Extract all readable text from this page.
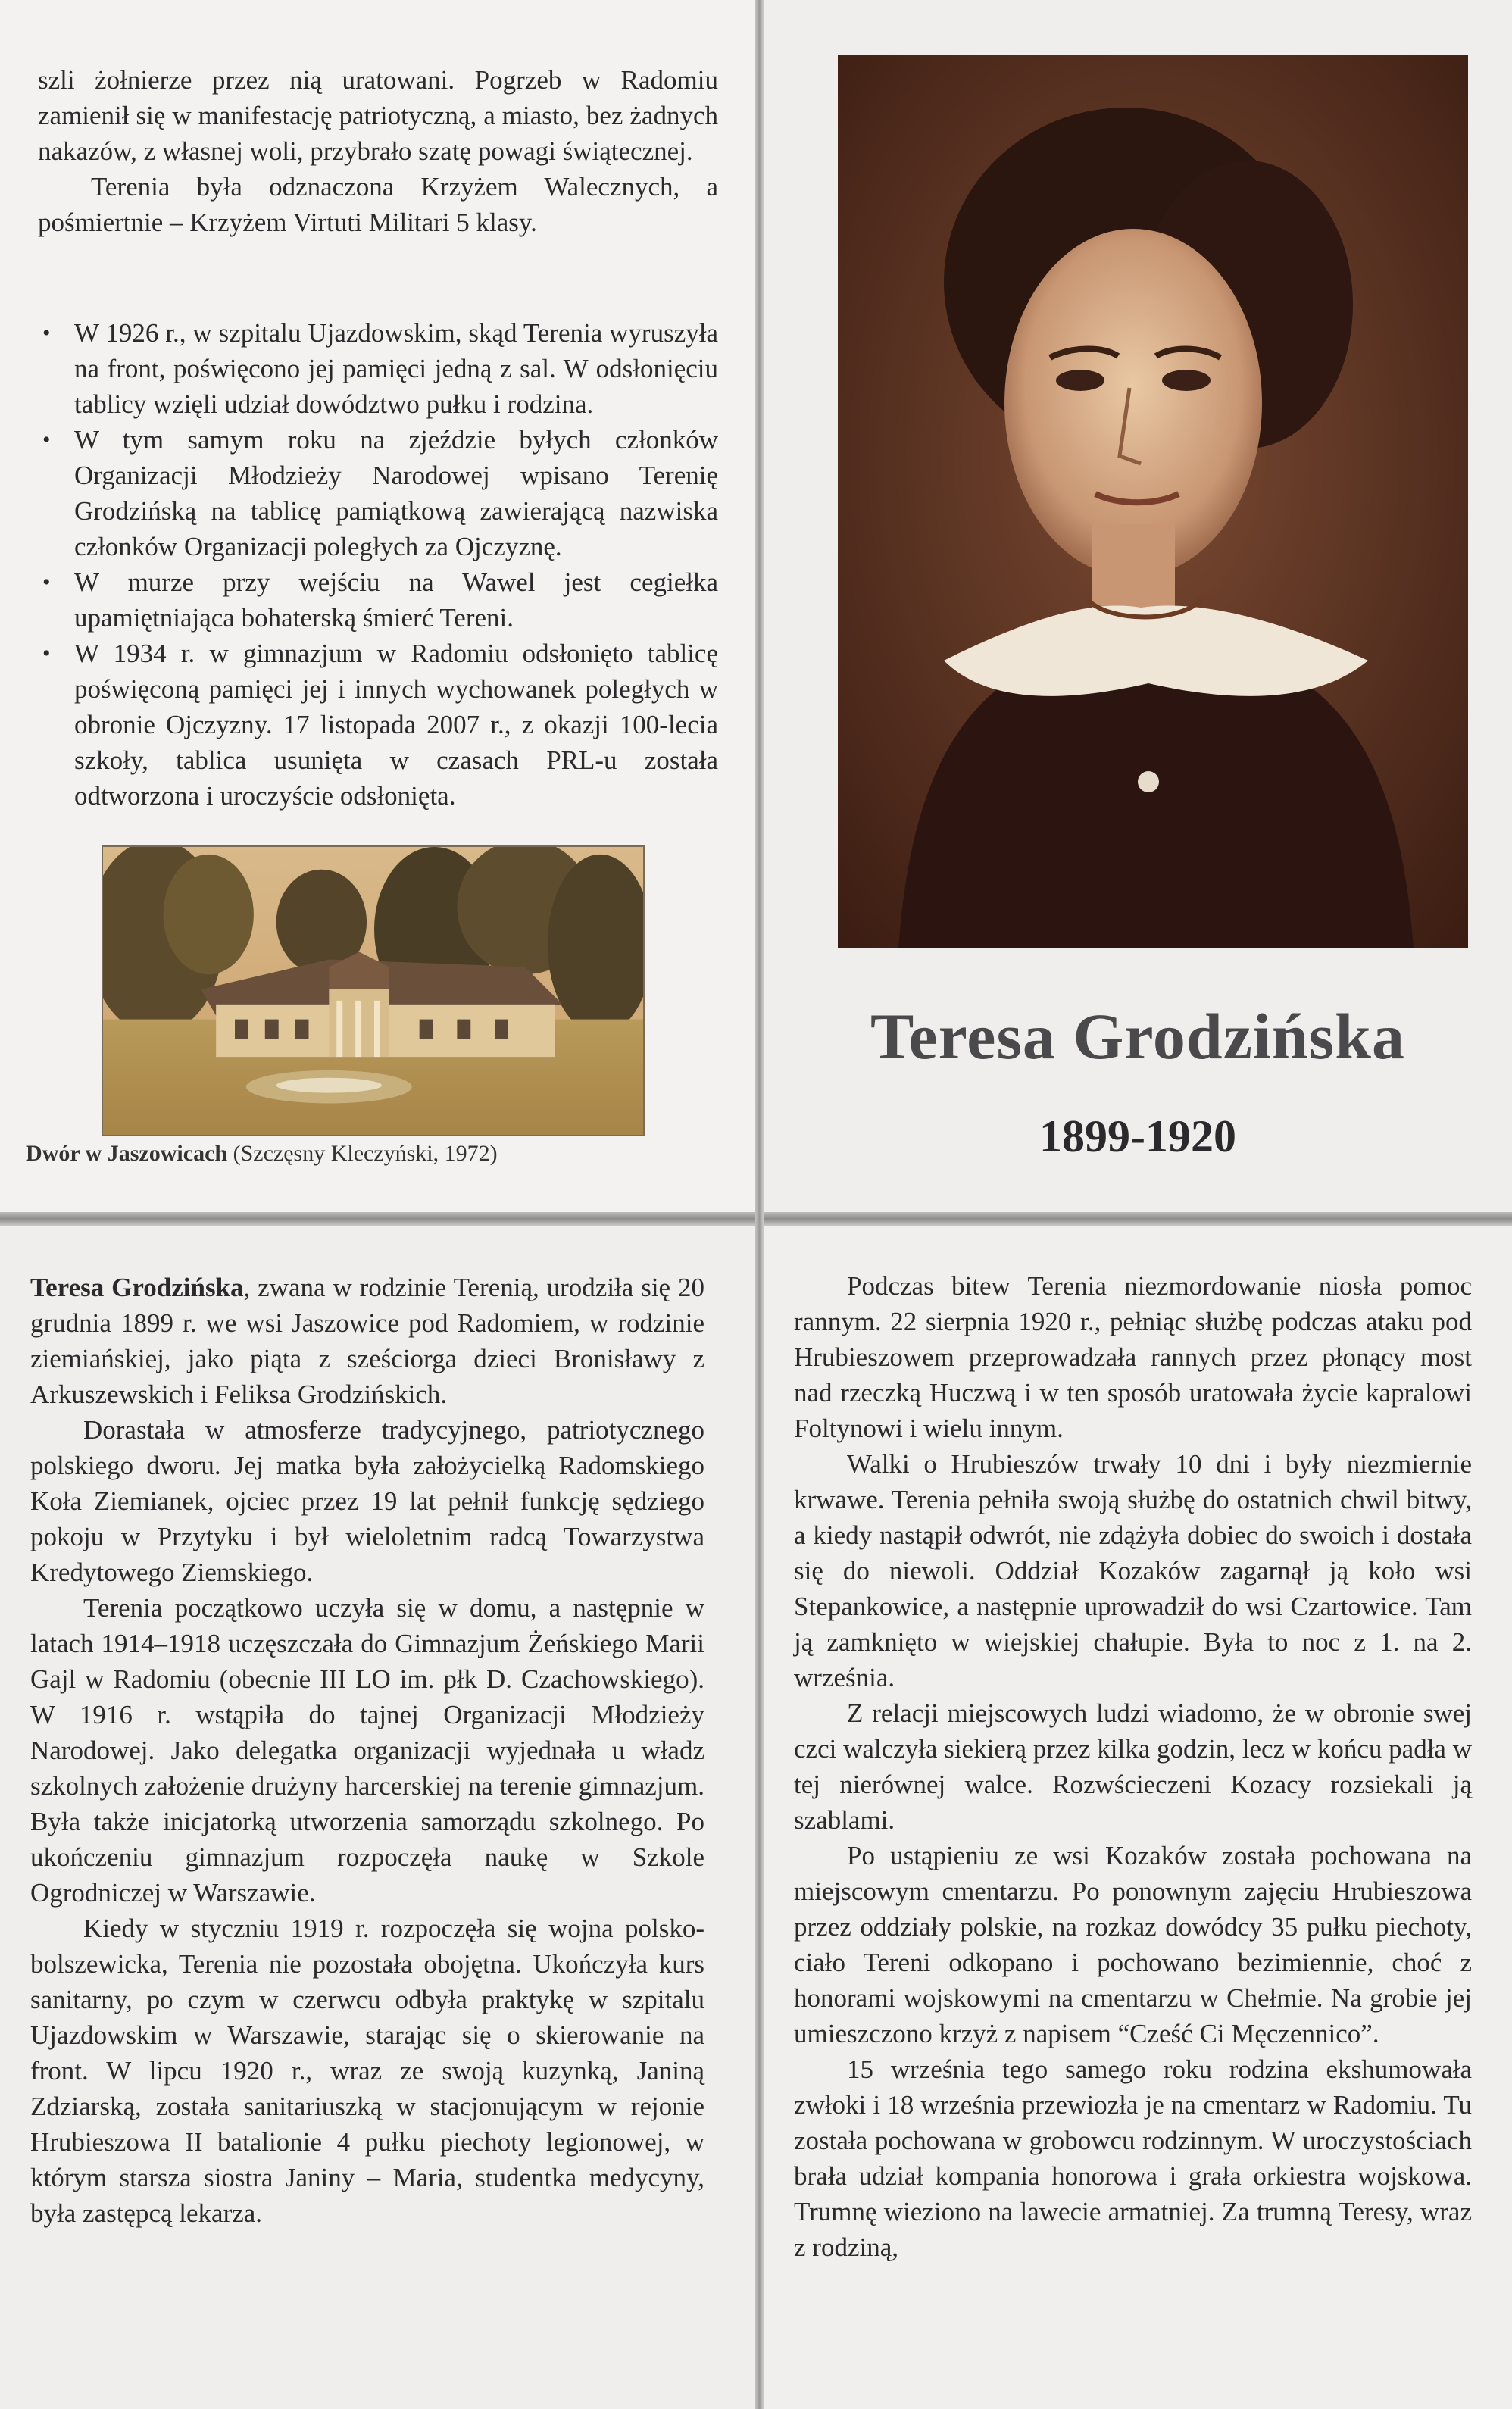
szli żołnierze przez nią uratowani. Pogrzeb w Radomiu zamienił się w manifestację patriotyczną, a miasto, bez żadnych nakazów, z własnej woli, przybrało szatę powagi świątecznej.

Terenia była odznaczona Krzyżem Walecznych, a pośmiertnie – Krzyżem Virtuti Militari 5 klasy.

• W 1926 r., w szpitalu Ujazdowskim, skąd Terenia wyruszyła na front, poświęcono jej pamięci jedną z sal. W odsłonięciu tablicy wzięli udział dowództwo pułku i rodzina.
• W tym samym roku na zjeździe byłych członków Organizacji Młodzieży Narodowej wpisano Terenię Grodzińską na tablicę pamiątkową zawierającą nazwiska członków Organizacji poległych za Ojczyznę.
• W murze przy wejściu na Wawel jest cegiełka upamiętniająca bohaterską śmierć Tereni.
• W 1934 r. w gimnazjum w Radomiu odsłonięto tablicę poświęconą pamięci jej i innych wychowanek poległych w obronie Ojczyzny. 17 listopada 2007 r., z okazji 100-lecia szkoły, tablica usunięta w czasach PRL-u została odtworzona i uroczyście odsłonięta.
Dwór w Jaszowicach (Szczęsny Kleczyński, 1972)
Teresa Grodzińska
1899-1920

Teresa Grodzińska, zwana w rodzinie Terenią, urodziła się 20 grudnia 1899 r. we wsi Jaszowice pod Radomiem, w rodzinie ziemiańskiej, jako piąta z sześciorga dzieci Bronisławy z Arkuszewskich i Feliksa Grodzińskich.

Dorastała w atmosferze tradycyjnego, patriotycznego polskiego dworu. Jej matka była założycielką Radomskiego Koła Ziemianek, ojciec przez 19 lat pełnił funkcję sędziego pokoju w Przytyku i był wieloletnim radcą Towarzystwa Kredytowego Ziemskiego.

Terenia początkowo uczyła się w domu, a następnie w latach 1914–1918 uczęszczała do Gimnazjum Żeńskiego Marii Gajl w Radomiu (obecnie III LO im. płk D. Czachowskiego). W 1916 r. wstąpiła do tajnej Organizacji Młodzieży Narodowej. Jako delegatka organizacji wyjednała u władz szkolnych założenie drużyny harcerskiej na terenie gimnazjum. Była także inicjatorką utworzenia samorządu szkolnego. Po ukończeniu gimnazjum rozpoczęła naukę w Szkole Ogrodniczej w Warszawie.

Kiedy w styczniu 1919 r. rozpoczęła się wojna polsko-bolszewicka, Terenia nie pozostała obojętna. Ukończyła kurs sanitarny, po czym w czerwcu odbyła praktykę w szpitalu Ujazdowskim w Warszawie, starając się o skierowanie na front. W lipcu 1920 r., wraz ze swoją kuzynką, Janiną Zdziarską, została sanitariuszką w stacjonującym w rejonie Hrubieszowa II batalionie 4 pułku piechoty legionowej, w którym starsza siostra Janiny – Maria, studentka medycyny, była zastępcą lekarza.

Podczas bitew Terenia niezmordowanie niosła pomoc rannym. 22 sierpnia 1920 r., pełniąc służbę podczas ataku pod Hrubieszowem przeprowadzała rannych przez płonący most nad rzeczką Huczwą i w ten sposób uratowała życie kapralowi Foltynowi i wielu innym.

Walki o Hrubieszów trwały 10 dni i były niezmiernie krwawe. Terenia pełniła swoją służbę do ostatnich chwil bitwy, a kiedy nastąpił odwrót, nie zdążyła dobiec do swoich i dostała się do niewoli. Oddział Kozaków zagarnął ją koło wsi Stepankowice, a następnie uprowadził do wsi Czartowice. Tam ją zamknięto w wiejskiej chałupie. Była to noc z 1. na 2. września.

Z relacji miejscowych ludzi wiadomo, że w obronie swej czci walczyła siekierą przez kilka godzin, lecz w końcu padła w tej nierównej walce. Rozwścieczeni Kozacy rozsiekali ją szablami.

Po ustąpieniu ze wsi Kozaków została pochowana na miejscowym cmentarzu. Po ponownym zajęciu Hrubieszowa przez oddziały polskie, na rozkaz dowódcy 35 pułku piechoty, ciało Tereni odkopano i pochowano bezimiennie, choć z honorami wojskowymi na cmentarzu w Chełmie. Na grobie jej umieszczono krzyż z napisem “Cześć Ci Męczennico”.

15 września tego samego roku rodzina ekshumowała zwłoki i 18 września przewiozła je na cmentarz w Radomiu. Tu została pochowana w grobowcu rodzinnym. W uroczystościach brała udział kompania honorowa i grała orkiestra wojskowa. Trumnę wieziono na lawecie armatniej. Za trumną Teresy, wraz z rodziną,
